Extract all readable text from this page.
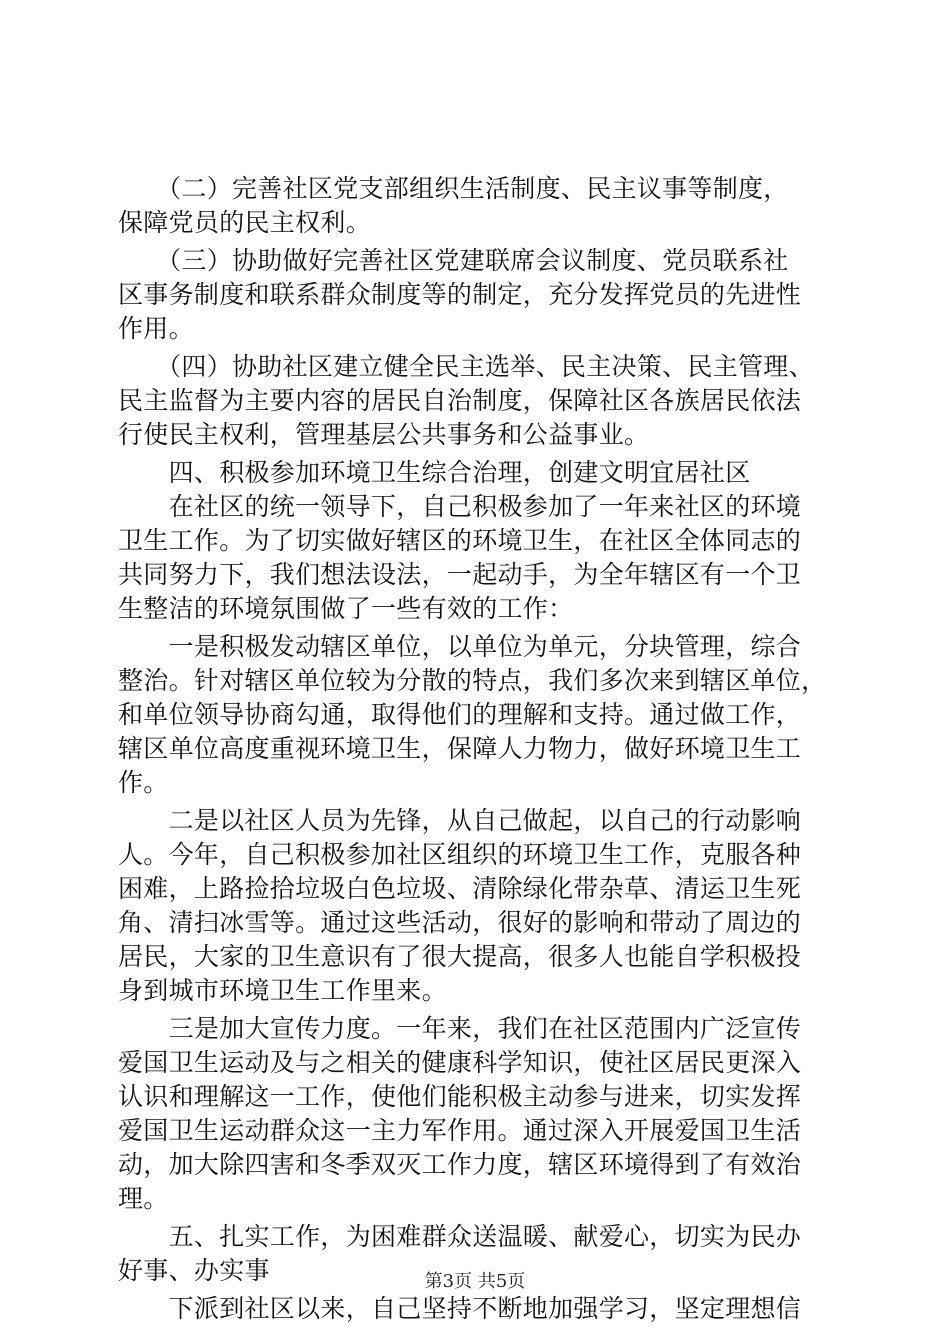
　　（二）完善社区党支部组织生活制度、民主议事等制度，
保障党员的民主权利。
　　（三）协助做好完善社区党建联席会议制度、党员联系社
区事务制度和联系群众制度等的制定，充分发挥党员的先进性
作用。
　　（四）协助社区建立健全民主选举、民主决策、民主管理、
民主监督为主要内容的居民自治制度，保障社区各族居民依法
行使民主权利，管理基层公共事务和公益事业。
　　四、积极参加环境卫生综合治理，创建文明宜居社区
　　在社区的统一领导下，自己积极参加了一年来社区的环境
卫生工作。为了切实做好辖区的环境卫生，在社区全体同志的
共同努力下，我们想法设法，一起动手，为全年辖区有一个卫
生整洁的环境氛围做了一些有效的工作：
　　一是积极发动辖区单位，以单位为单元，分块管理，综合
整治。针对辖区单位较为分散的特点，我们多次来到辖区单位，
和单位领导协商勾通，取得他们的理解和支持。通过做工作，
辖区单位高度重视环境卫生，保障人力物力，做好环境卫生工
作。
　　二是以社区人员为先锋，从自己做起，以自己的行动影响
人。今年，自己积极参加社区组织的环境卫生工作，克服各种
困难，上路捡拾垃圾白色垃圾、清除绿化带杂草、清运卫生死
角、清扫冰雪等。通过这些活动，很好的影响和带动了周边的
居民，大家的卫生意识有了很大提高，很多人也能自学积极投
身到城市环境卫生工作里来。
　　三是加大宣传力度。一年来，我们在社区范围内广泛宣传
爱国卫生运动及与之相关的健康科学知识，使社区居民更深入
认识和理解这一工作，使他们能积极主动参与进来，切实发挥
爱国卫生运动群众这一主力军作用。通过深入开展爱国卫生活
动，加大除四害和冬季双灭工作力度，辖区环境得到了有效治
理。
　　五、扎实工作，为困难群众送温暖、献爱心，切实为民办
好事、办实事
　　下派到社区以来，自己坚持不断地加强学习，坚定理想信
第3页 共5页
